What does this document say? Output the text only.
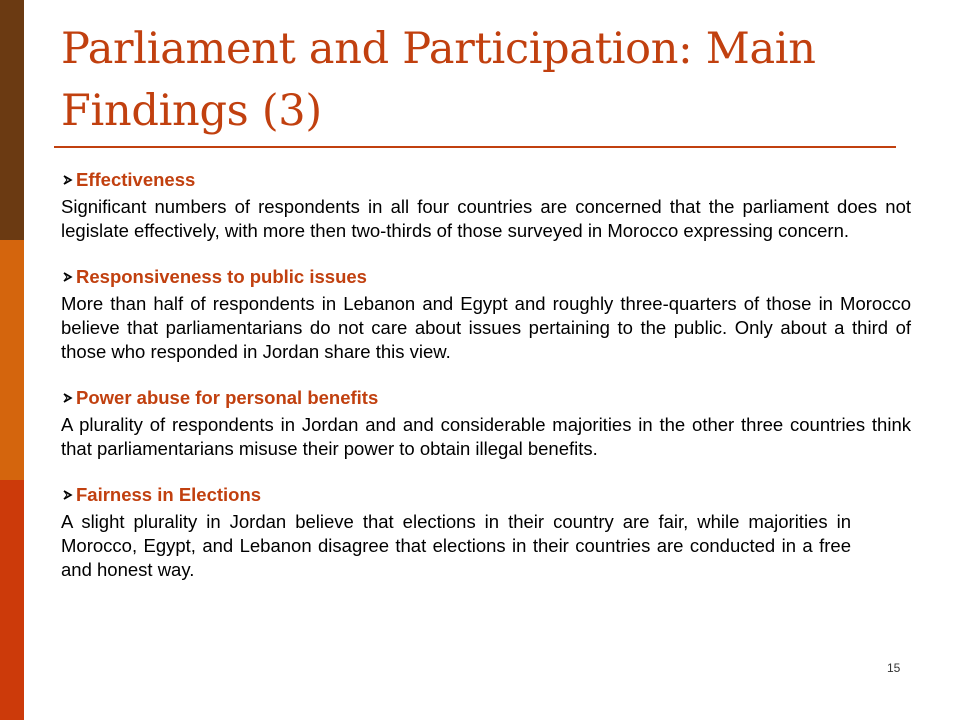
Parliament and Participation: Main Findings (3)
Effectiveness

Significant numbers of respondents in all four countries are concerned that the parliament does not legislate effectively, with more then two-thirds of those surveyed in Morocco expressing concern.

Responsiveness to public issues

More than half of respondents in Lebanon and Egypt and roughly three-quarters of those in Morocco believe that parliamentarians do not care about issues pertaining to the public. Only about a third of those who responded in Jordan share this view.

Power abuse for personal benefits

A plurality of respondents in Jordan and and considerable majorities in the other three countries think that parliamentarians misuse their power to obtain illegal benefits.

Fairness in Elections

A slight plurality in Jordan believe that elections in their country are fair, while majorities in Morocco, Egypt, and Lebanon disagree that elections in their countries are conducted in a free and honest way.

15
